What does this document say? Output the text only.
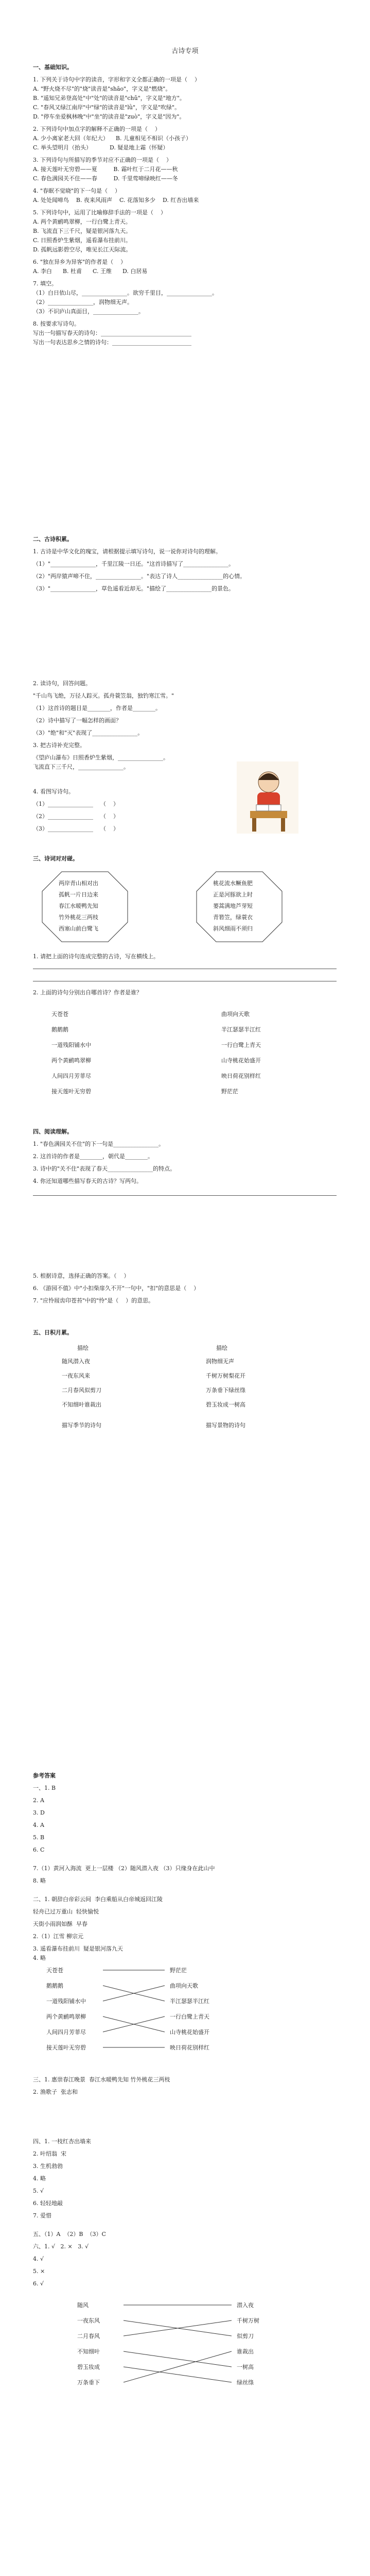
古诗专项
一、基础知识。
1. 下列关于诗句中字的读音，字形和字义全都正确的一项是（    ）
A. "野火烧不尽"的"烧"读音是"shāo"，字义是"燃烧"。
B. "遥知兄弟登高处"中"处"的读音是"chǔ"，字义是"地方"。
C. "春风又绿江南岸"中"绿"的读音是"lǜ"，字义是"吹绿"。
D. "停车坐爱枫林晚"中"坐"的读音是"zuò"，字义是"因为"。
2. 下列诗句中加点字的解释不正确的一项是（    ）
A. 少小离家老大回（年纪大）    B. 儿童相见不相识（小孩子）
C. 举头望明月（抬头）          D. 疑是地上霜（怀疑）
3. 下列诗句与所描写的季节对应不正确的一项是（    ）
A. 接天莲叶无穷碧——夏         B. 霜叶红于二月花——秋
C. 春色满园关不住——春         D. 千里莺啼绿映红——冬
4. "春眠不觉晓"的下一句是（    ）
A. 处处闻啼鸟    B. 夜来风雨声    C. 花落知多少    D. 红杏出墙来
5. 下列诗句中，运用了比喻修辞手法的一项是（    ）
A. 两个黄鹂鸣翠柳，一行白鹭上青天。
B. 飞流直下三千尺，疑是银河落九天。
C. 日照香炉生紫烟，遥看瀑布挂前川。
D. 孤帆远影碧空尽，唯见长江天际流。
6. "独在异乡为异客"的作者是（    ）
A. 李白      B. 杜甫      C. 王维      D. 白居易
7. 填空。
（1）白日依山尽，________________。欲穷千里目，________________。
（2）________________，润物细无声。
（3）不识庐山真面目，________________。
8. 按要求写诗句。
写出一句描写春天的诗句：________________________________
写出一句表达思乡之情的诗句：____________________________
二、古诗积累。
1. 古诗是中华文化的瑰宝，请根据提示填写诗句，说一说你对诗句的理解。
（1）"________________，千里江陵一日还。"这首诗描写了________________。
（2）"两岸猿声啼不住，________________。"表达了诗人________________的心情。
（3）"________________，草色遥看近却无。"描绘了________________的景色。
2. 读诗句，回答问题。
"千山鸟飞绝，万径人踪灭。孤舟蓑笠翁，独钓寒江雪。"
（1）这首诗的题目是________，作者是________。
（2）诗中描写了一幅怎样的画面？
（3）"绝"和"灭"表现了________________。
3. 把古诗补充完整。
《望庐山瀑布》日照香炉生紫烟，________________。
飞流直下三千尺，________________。
4. 看图写诗句。
（1）________________    （    ）
（2）________________    （    ）
（3）________________    （    ）
三、诗词对对碰。
两岸青山相对出
孤帆一片日边来
春江水暖鸭先知
竹外桃花三两枝
西塞山前白鹭飞
桃花流水鳜鱼肥
正是河豚欲上时
蒌蒿满地芦芽短
青箬笠，绿蓑衣
斜风细雨不须归
1. 请把上面的诗句连成完整的古诗，写在横线上。
2. 上面的诗句分别出自哪首诗？作者是谁？
天苍苍
鹅鹅鹅
一道残阳铺水中
两个黄鹂鸣翠柳
人间四月芳菲尽
接天莲叶无穷碧
曲项向天歌
半江瑟瑟半江红
一行白鹭上青天
山寺桃花始盛开
映日荷花别样红
野茫茫
四、阅读理解。
1. "春色满园关不住"的下一句是________________。
2. 这首诗的作者是________，朝代是________。
3. 诗中的"关不住"表现了春天________________的特点。
4. 你还知道哪些描写春天的古诗？写两句。
5. 根据诗意，选择正确的答案。（    ）
6. 《游园不值》中"小扣柴扉久不开"一句中，"扣"的意思是（    ）
7. "应怜屐齿印苍苔"中的"怜"是（    ）的意思。
五、日积月累。
描绘	描绘
随风潜入夜
一夜东风来
二月春风似剪刀
不知细叶谁裁出
润物细无声
千树万树梨花开
万条垂下绿丝绦
碧玉妆成一树高
描写季节的诗句	描写景物的诗句
参考答案
一、1. B
2. A
3. D
4. A
5. B
6. C
7.（1）黄河入海流  更上一层楼 （2）随风潜入夜 （3）只缘身在此山中
8. 略
二、1. 朝辞白帝彩云间  李白乘船从白帝城返回江陵
轻舟已过万重山  轻快愉悦
天街小雨润如酥  早春
2.（1）江雪 柳宗元
3. 遥看瀑布挂前川  疑是银河落九天
4. 略
天苍苍
鹅鹅鹅
一道残阳铺水中
两个黄鹂鸣翠柳
人间四月芳菲尽
接天莲叶无穷碧
野茫茫
曲项向天歌
半江瑟瑟半江红
一行白鹭上青天
山寺桃花始盛开
映日荷花别样红
三、1. 惠崇春江晚景  春江水暖鸭先知 竹外桃花三两枝
2. 渔歌子  张志和
四、1. 一枝红杏出墙来
2. 叶绍翁  宋
3. 生机勃勃
4. 略
5. √
6. 轻轻地敲
7. 爱惜
五、（1）A  （2）B  （3）C
六、1. √   2. ×   3. √
4. √
5. ×
6. √
随风
一夜东风
二月春风
不知细叶
碧玉妆成
万条垂下
潜入夜
千树万树
似剪刀
谁裁出
一树高
绿丝绦
